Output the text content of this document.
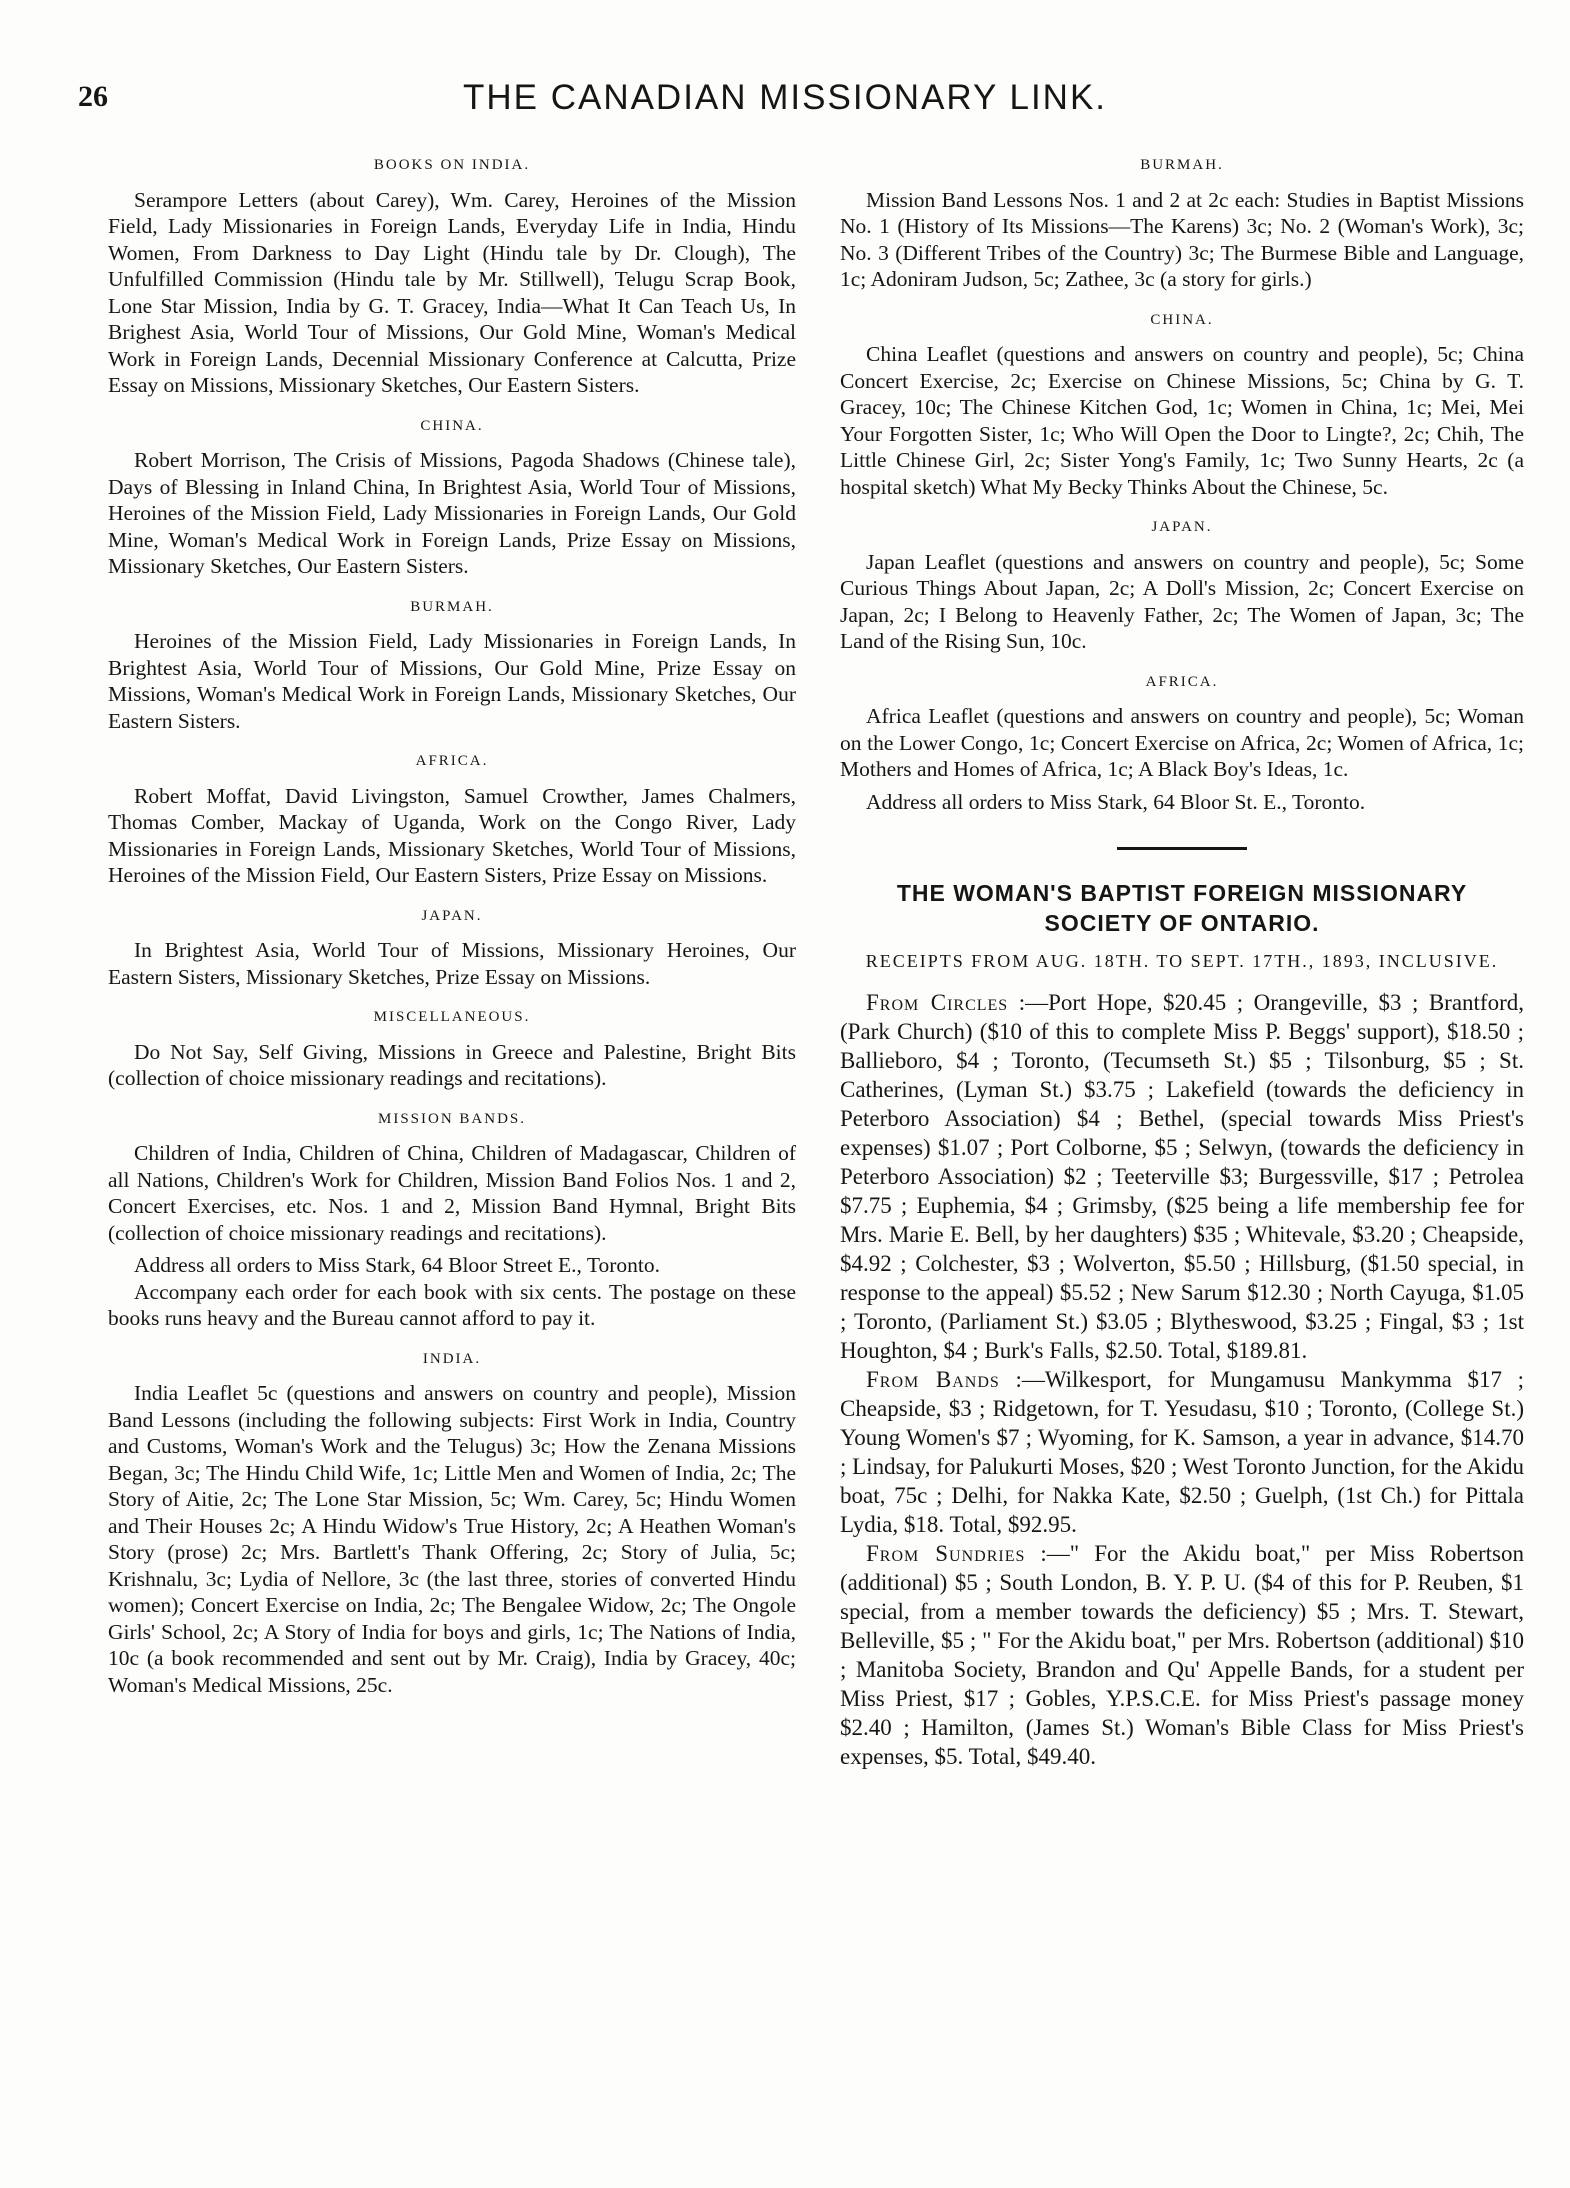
26	THE CANADIAN MISSIONARY LINK.
BOOKS ON INDIA.

Serampore Letters (about Carey), Wm. Carey, Heroines of the Mission Field, Lady Missionaries in Foreign Lands, Everyday Life in India, Hindu Women, From Darkness to Day Light (Hindu tale by Dr. Clough), The Unfulfilled Commission (Hindu tale by Mr. Stillwell), Telugu Scrap Book, Lone Star Mission, India by G. T. Gracey, India—What It Can Teach Us, In Brighest Asia, World Tour of Missions, Our Gold Mine, Woman's Medical Work in Foreign Lands, Decennial Missionary Conference at Calcutta, Prize Essay on Missions, Missionary Sketches, Our Eastern Sisters.

CHINA.

Robert Morrison, The Crisis of Missions, Pagoda Shadows (Chinese tale), Days of Blessing in Inland China, In Brightest Asia, World Tour of Missions, Heroines of the Mission Field, Lady Missionaries in Foreign Lands, Our Gold Mine, Woman's Medical Work in Foreign Lands, Prize Essay on Missions, Missionary Sketches, Our Eastern Sisters.

BURMAH.

Heroines of the Mission Field, Lady Missionaries in Foreign Lands, In Brightest Asia, World Tour of Missions, Our Gold Mine, Prize Essay on Missions, Woman's Medical Work in Foreign Lands, Missionary Sketches, Our Eastern Sisters.

AFRICA.

Robert Moffat, David Livingston, Samuel Crowther, James Chalmers, Thomas Comber, Mackay of Uganda, Work on the Congo River, Lady Missionaries in Foreign Lands, Missionary Sketches, World Tour of Missions, Heroines of the Mission Field, Our Eastern Sisters, Prize Essay on Missions.

JAPAN.

In Brightest Asia, World Tour of Missions, Missionary Heroines, Our Eastern Sisters, Missionary Sketches, Prize Essay on Missions.

MISCELLANEOUS.

Do Not Say, Self Giving, Missions in Greece and Palestine, Bright Bits (collection of choice missionary readings and recitations).

MISSION BANDS.

Children of India, Children of China, Children of Madagascar, Children of all Nations, Children's Work for Children, Mission Band Folios Nos. 1 and 2, Concert Exercises, etc. Nos. 1 and 2, Mission Band Hymnal, Bright Bits (collection of choice missionary readings and recitations).

Address all orders to Miss Stark, 64 Bloor Street E., Toronto.

Accompany each order for each book with six cents. The postage on these books runs heavy and the Bureau cannot afford to pay it.

INDIA.

India Leaflet 5c (questions and answers on country and people), Mission Band Lessons (including the following subjects: First Work in India, Country and Customs, Woman's Work and the Telugus) 3c; How the Zenana Missions Began, 3c; The Hindu Child Wife, 1c; Little Men and Women of India, 2c; The Story of Aitie, 2c; The Lone Star Mission, 5c; Wm. Carey, 5c; Hindu Women and Their Houses 2c; A Hindu Widow's True History, 2c; A Heathen Woman's Story (prose) 2c; Mrs. Bartlett's Thank Offering, 2c; Story of Julia, 5c; Krishnalu, 3c; Lydia of Nellore, 3c (the last three, stories of converted Hindu women); Concert Exercise on India, 2c; The Bengalee Widow, 2c; The Ongole Girls' School, 2c; A Story of India for boys and girls, 1c; The Nations of India, 10c (a book recommended and sent out by Mr. Craig), India by Gracey, 40c; Woman's Medical Missions, 25c.

BURMAH.

Mission Band Lessons Nos. 1 and 2 at 2c each: Studies in Baptist Missions No. 1 (History of Its Missions—The Karens) 3c; No. 2 (Woman's Work), 3c; No. 3 (Different Tribes of the Country) 3c; The Burmese Bible and Language, 1c; Adoniram Judson, 5c; Zathee, 3c (a story for girls.)

CHINA.

China Leaflet (questions and answers on country and people), 5c; China Concert Exercise, 2c; Exercise on Chinese Missions, 5c; China by G. T. Gracey, 10c; The Chinese Kitchen God, 1c; Women in China, 1c; Mei, Mei Your Forgotten Sister, 1c; Who Will Open the Door to Lingte?, 2c; Chih, The Little Chinese Girl, 2c; Sister Yong's Family, 1c; Two Sunny Hearts, 2c (a hospital sketch) What My Becky Thinks About the Chinese, 5c.

JAPAN.

Japan Leaflet (questions and answers on country and people), 5c; Some Curious Things About Japan, 2c; A Doll's Mission, 2c; Concert Exercise on Japan, 2c; I Belong to Heavenly Father, 2c; The Women of Japan, 3c; The Land of the Rising Sun, 10c.

AFRICA.

Africa Leaflet (questions and answers on country and people), 5c; Woman on the Lower Congo, 1c; Concert Exercise on Africa, 2c; Women of Africa, 1c; Mothers and Homes of Africa, 1c; A Black Boy's Ideas, 1c.

Address all orders to Miss Stark, 64 Bloor St. E., Toronto.

THE WOMAN'S BAPTIST FOREIGN MISSIONARY SOCIETY OF ONTARIO.
RECEIPTS FROM AUG. 18TH. TO SEPT. 17TH., 1893, INCLUSIVE.

From Circles :—Port Hope, $20.45 ; Orangeville, $3 ; Brantford, (Park Church) ($10 of this to complete Miss P. Beggs' support), $18.50 ; Ballieboro, $4 ; Toronto, (Tecumseth St.) $5 ; Tilsonburg, $5 ; St. Catherines, (Lyman St.) $3.75 ; Lakefield (towards the deficiency in Peterboro Association) $4 ; Bethel, (special towards Miss Priest's expenses) $1.07 ; Port Colborne, $5 ; Selwyn, (towards the deficiency in Peterboro Association) $2 ; Teeterville $3; Burgessville, $17 ; Petrolea $7.75 ; Euphemia, $4 ; Grimsby, ($25 being a life membership fee for Mrs. Marie E. Bell, by her daughters) $35 ; Whitevale, $3.20 ; Cheapside, $4.92 ; Colchester, $3 ; Wolverton, $5.50 ; Hillsburg, ($1.50 special, in response to the appeal) $5.52 ; New Sarum $12.30 ; North Cayuga, $1.05 ; Toronto, (Parliament St.) $3.05 ; Blytheswood, $3.25 ; Fingal, $3 ; 1st Houghton, $4 ; Burk's Falls, $2.50. Total, $189.81.

From Bands :—Wilkesport, for Mungamusu Mankymma $17 ; Cheapside, $3 ; Ridgetown, for T. Yesudasu, $10 ; Toronto, (College St.) Young Women's $7 ; Wyoming, for K. Samson, a year in advance, $14.70 ; Lindsay, for Palukurti Moses, $20 ; West Toronto Junction, for the Akidu boat, 75c ; Delhi, for Nakka Kate, $2.50 ; Guelph, (1st Ch.) for Pittala Lydia, $18. Total, $92.95.

From Sundries :—" For the Akidu boat," per Miss Robertson (additional) $5 ; South London, B. Y. P. U. ($4 of this for P. Reuben, $1 special, from a member towards the deficiency) $5 ; Mrs. T. Stewart, Belleville, $5 ; " For the Akidu boat," per Mrs. Robertson (additional) $10 ; Manitoba Society, Brandon and Qu' Appelle Bands, for a student per Miss Priest, $17 ; Gobles, Y.P.S.C.E. for Miss Priest's passage money $2.40 ; Hamilton, (James St.) Woman's Bible Class for Miss Priest's expenses, $5. Total, $49.40.
